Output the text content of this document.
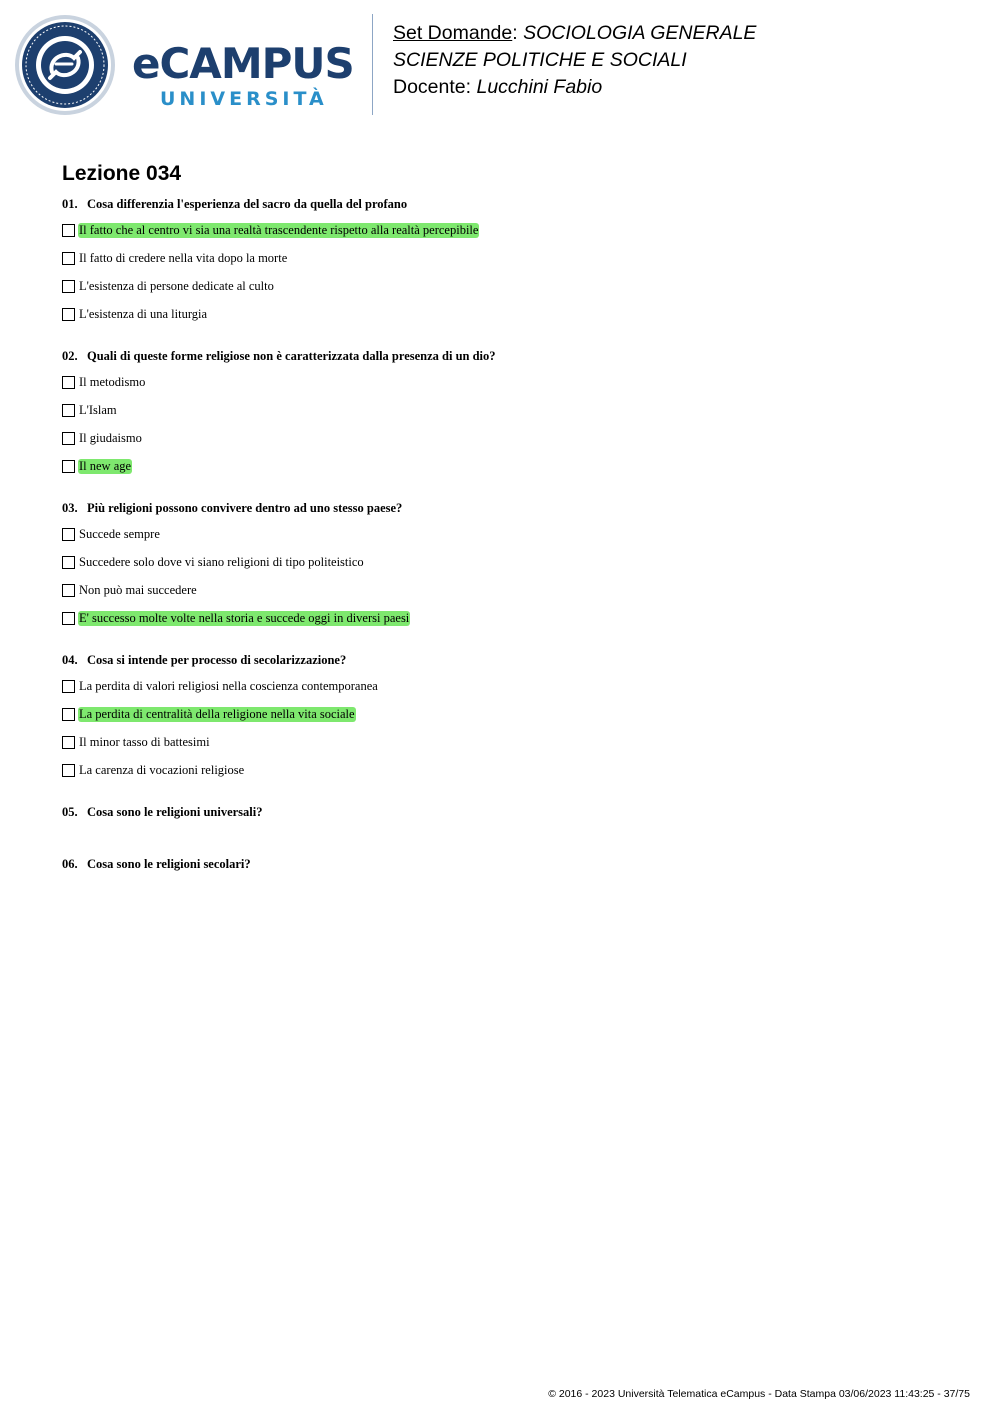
eCAMPUS
UNIVERSITÀ
Set Domande: SOCIOLOGIA GENERALE
SCIENZE POLITICHE E SOCIALI
Docente: Lucchini Fabio
Lezione 034
01. Cosa differenzia l'esperienza del sacro da quella del profano
Il fatto che al centro vi sia una realtà trascendente rispetto alla realtà percepibile
Il fatto di credere nella vita dopo la morte
L'esistenza di persone dedicate al culto
L'esistenza di una liturgia
02. Quali di queste forme religiose non è caratterizzata dalla presenza di un dio?
Il metodismo
L'Islam
Il giudaismo
Il new age
03. Più religioni possono convivere dentro ad uno stesso paese?
Succede sempre
Succedere solo dove vi siano religioni di tipo politeistico
Non può mai succedere
E' successo molte volte nella storia e succede oggi in diversi paesi
04. Cosa si intende per processo di secolarizzazione?
La perdita di valori religiosi nella coscienza contemporanea
La perdita di centralità della religione nella vita sociale
Il minor tasso di battesimi
La carenza di vocazioni religiose
05. Cosa sono le religioni universali?
06. Cosa sono le religioni secolari?
© 2016 - 2023 Università Telematica eCampus - Data Stampa 03/06/2023 11:43:25 - 37/75
